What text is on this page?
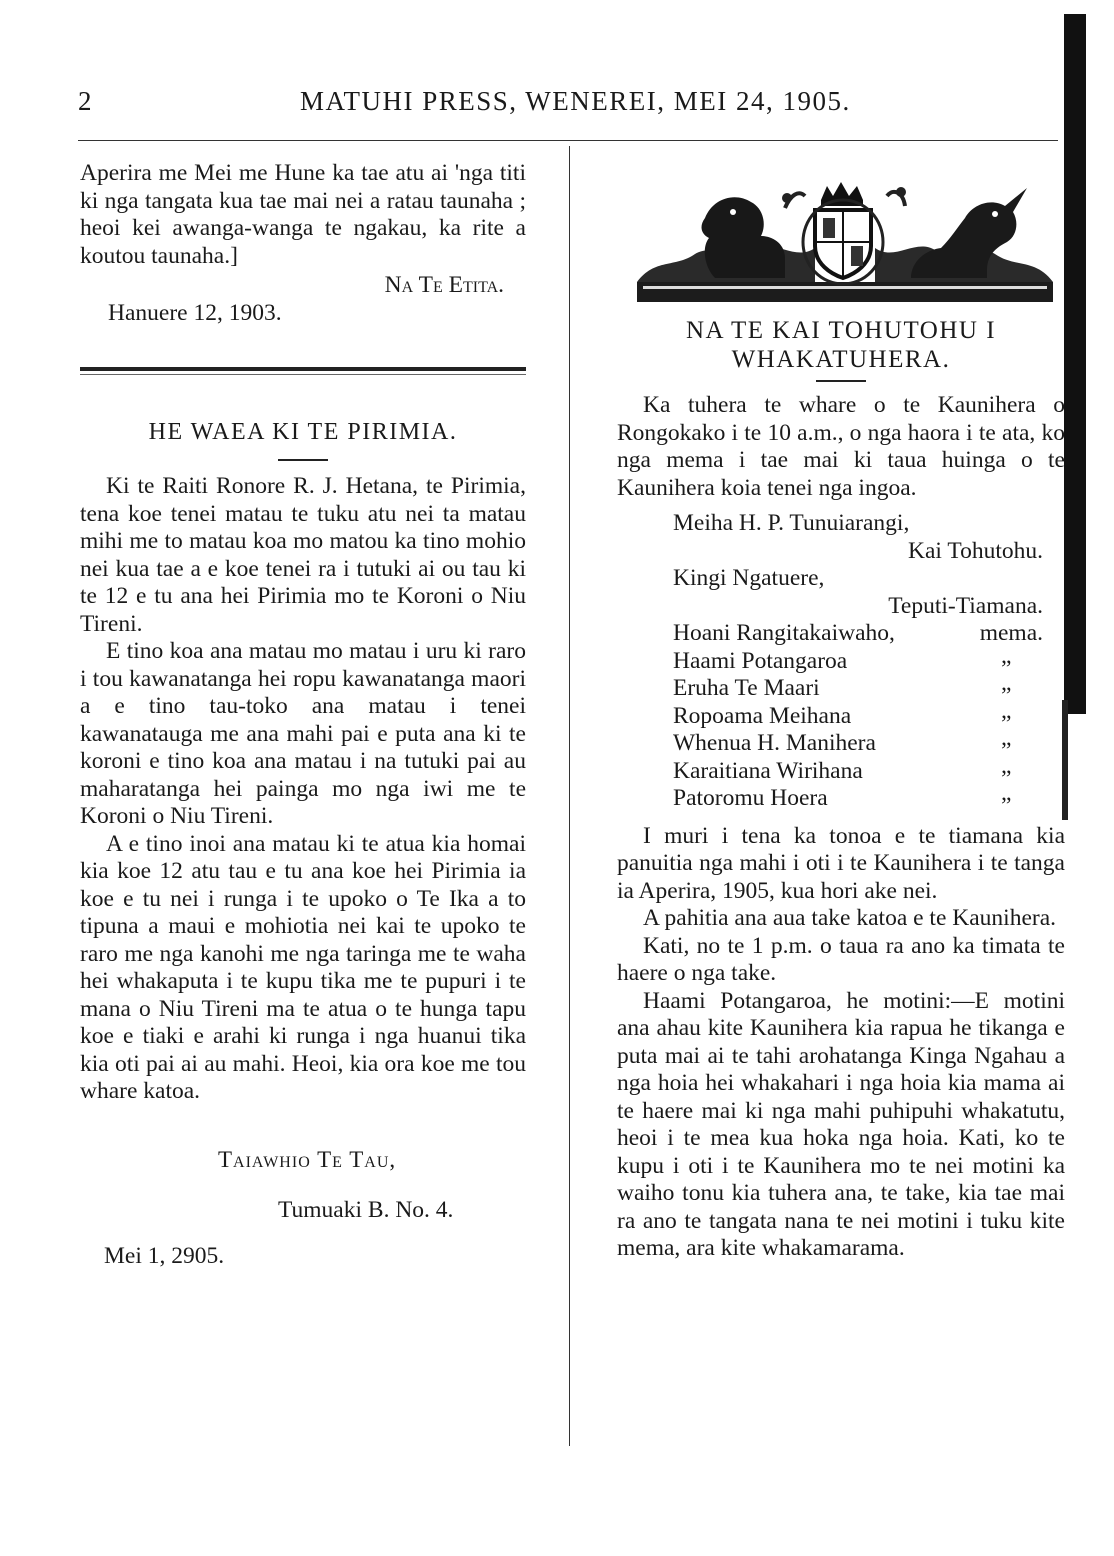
2	MATUHI PRESS, WENEREI, MEI 24, 1905.

Aperira me Mei me Hune ka tae atu ai 'nga titi ki nga tangata kua tae mai nei a ratau taunaha ; heoi kei awanga-wanga te ngakau, ka rite a koutou taunaha.]

Na Te Etita.

Hanuere 12, 1903.

HE WAEA KI TE PIRIMIA.

Ki te Raiti Ronore R. J. Hetana, te Pirimia, tena koe tenei matau te tuku atu nei ta matau mihi me to matau koa mo matou ka tino mohio nei kua tae a e koe tenei ra i tutuki ai ou tau ki te 12 e tu ana hei Pirimia mo te Koroni o Niu Tireni.

E tino koa ana matau mo matau i uru ki raro i tou kawanatanga hei ropu kawanatanga maori a e tino tau-toko ana matau i tenei kawanatauga me ana mahi pai e puta ana ki te koroni e tino koa ana matau i na tutuki pai au maharatanga hei painga mo nga iwi me te Koroni o Niu Tireni.

A e tino inoi ana matau ki te atua kia homai kia koe 12 atu tau e tu ana koe hei Pirimia ia koe e tu nei i runga i te upoko o Te Ika a to tipuna a maui e mohiotia nei kai te upoko te raro me nga kanohi me nga taringa me te waha hei whakaputa i te kupu tika me te pupuri i te mana o Niu Tireni ma te atua o te hunga tapu koe e tiaki e arahi ki runga i nga huanui tika kia oti pai ai au mahi. Heoi, kia ora koe me tou whare katoa.

Taiawhio Te Tau,

Tumuaki B. No. 4.

Mei 1, 2905.

NA TE KAI TOHUTOHU I
WHAKATUHERA.

Ka tuhera te whare o te Kaunihera o Rongokako i te 10 a.m., o nga haora i te ata, ko nga mema i tae mai ki taua huinga o te Kaunihera koia tenei nga ingoa.

Meiha H. P. Tunuiarangi,
Kai Tohutohu.
Kingi Ngatuere,
Teputi-Tiamana.
Hoani Rangitakaiwaho,	mema.
Haami Potangaroa	”
Eruha Te Maari	”
Ropoama Meihana	”
Whenua H. Manihera	”
Karaitiana Wirihana	”
Patoromu Hoera	”

I muri i tena ka tonoa e te tiamana kia panuitia nga mahi i oti i te Kaunihera i te tanga ia Aperira, 1905, kua hori ake nei.

A pahitia ana aua take katoa e te Kaunihera.

Kati, no te 1 p.m. o taua ra ano ka timata te haere o nga take.

Haami Potangaroa, he motini:—E motini ana ahau kite Kaunihera kia rapua he tikanga e puta mai ai te tahi arohatanga Kinga Ngahau a nga hoia hei whakahari i nga hoia kia mama ai te haere mai ki nga mahi puhipuhi whakatutu, heoi i te mea kua hoka nga hoia. Kati, ko te kupu i oti i te Kaunihera mo te nei motini ka waiho tonu kia tuhera ana, te take, kia tae mai ra ano te tangata nana te nei motini i tuku kite mema, ara kite whakamarama.
